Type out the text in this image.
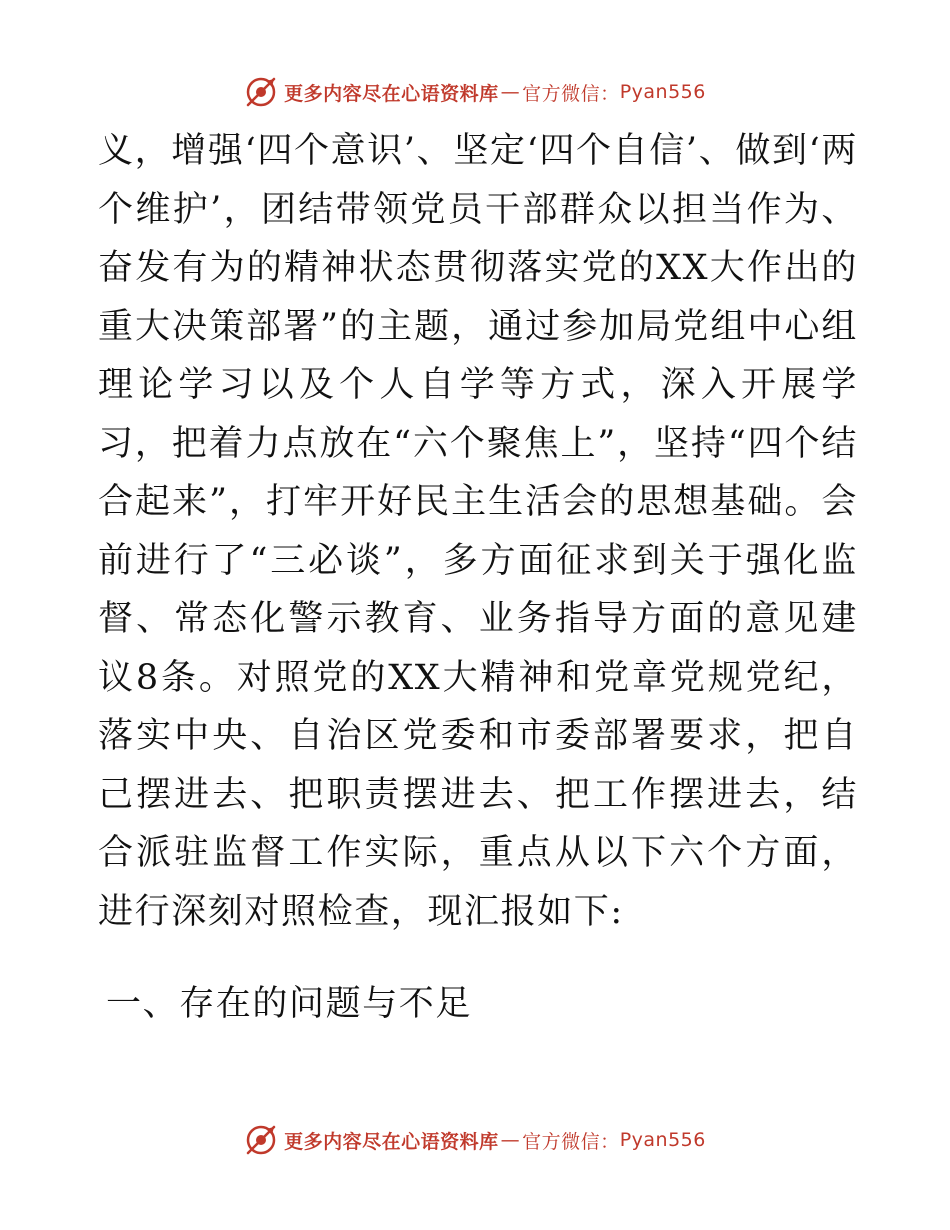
更多内容尽在心语资料库 — 官方微信： Pyan556

义，增强‘四个意识’、坚定‘四个自信’、做到‘两个维护’，团结带领党员干部群众以担当作为、奋发有为的精神状态贯彻落实党的XX大作出的重大决策部署”的主题，通过参加局党组中心组理论学习以及个人自学等方式，深入开展学习，把着力点放在“六个聚焦上”，坚持“四个结合起来”，打牢开好民主生活会的思想基础。会前进行了“三必谈”，多方面征求到关于强化监督、常态化警示教育、业务指导方面的意见建议8条。对照党的XX大精神和党章党规党纪，落实中央、自治区党委和市委部署要求，把自己摆进去、把职责摆进去、把工作摆进去，结合派驻监督工作实际，重点从以下六个方面，进行深刻对照检查，现汇报如下:

一、存在的问题与不足

更多内容尽在心语资料库 — 官方微信： Pyan556
